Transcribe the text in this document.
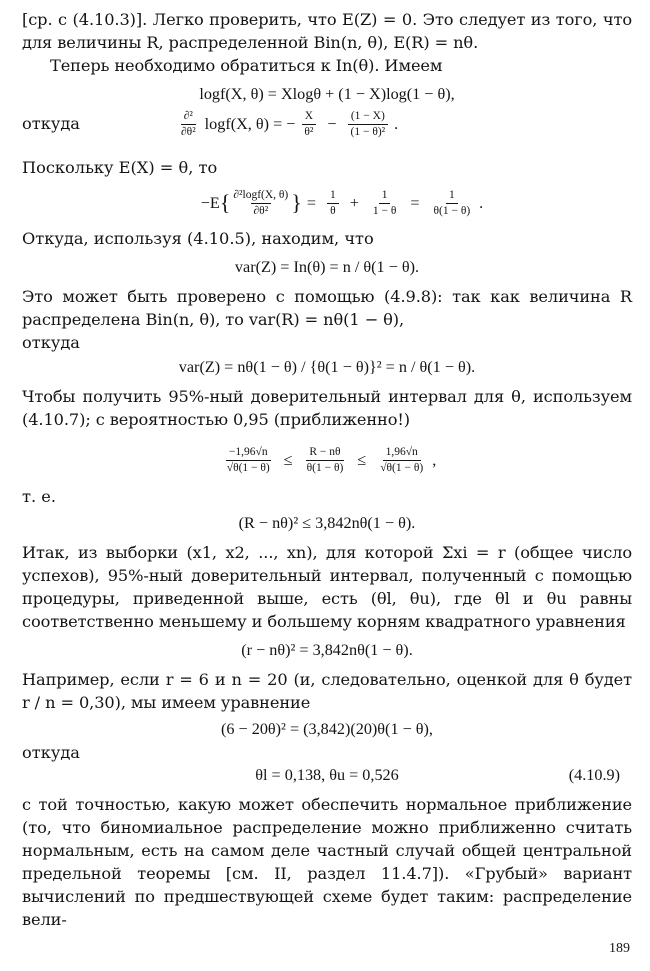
[ср. с (4.10.3)]. Легко проверить, что E(Z) = 0. Это следует из того, что для величины R, распределенной Bin(n, θ), E(R) = nθ.

Теперь необходимо обратиться к In(θ). Имеем

logf(X, θ) = Xlogθ + (1 − X)log(1 − θ),
откуда	$\frac{\text{∂²}}{\text{∂θ²}} \log f(X$, θ) = − $\frac{X}{\text{θ²}} - \frac{(1 - X)}{\text{(1 − θ)²}}$ .

Поскольку E(X) = θ, то

−E { $\frac{\text{∂²logf(X, θ)}}{\text{∂θ²}}$ } = $\frac{1}{\theta} + \frac{1}{1 - \theta} = \frac{1}{\theta(1 - \theta)}$ .

Откуда, используя (4.10.5), находим, что

var(Z) = In(θ) = n / θ(1 − θ).

Это может быть проверено с помощью (4.9.8): так как величина R распределена Bin(n, θ), то var(R) = nθ(1 − θ),

откуда

var(Z) = nθ(1 − θ) / {θ(1 − θ)}² = n / θ(1 − θ).

Чтобы получить 95%-ный доверительный интервал для θ, используем (4.10.7); с вероятностью 0,95 (приближенно!)

$\frac{-1,96√n}{√\theta(1 - \theta)} \le \frac{R - n\theta}{\theta(1 - \theta)} \le \frac{1,96√n}{√\theta(1 - \theta)}$ ,

т. е.

(R − nθ)² ≤ 3,842nθ(1 − θ).

Итак, из выборки (x1, x2, ..., xn), для которой Σxi = r (общее число успехов), 95%-ный доверительный интервал, полученный с помощью процедуры, приведенной выше, есть (θl, θu), где θl и θu равны соответственно меньшему и большему корням квадратного уравнения

(r − nθ)² = 3,842nθ(1 − θ).

Например, если r = 6 и n = 20 (и, следовательно, оценкой для θ будет r / n = 0,30), мы имеем уравнение

(6 − 20θ)² = (3,842)(20)θ(1 − θ),

откуда

θl = 0,138, θu = 0,526	(4.10.9)

с той точностью, какую может обеспечить нормальное приближение (то, что биномиальное распределение можно приближенно считать нормальным, есть на самом деле частный случай общей центральной предельной теоремы [см. II, раздел 11.4.7]). «Грубый» вариант вычислений по предшествующей схеме будет таким: распределение вели-

189
